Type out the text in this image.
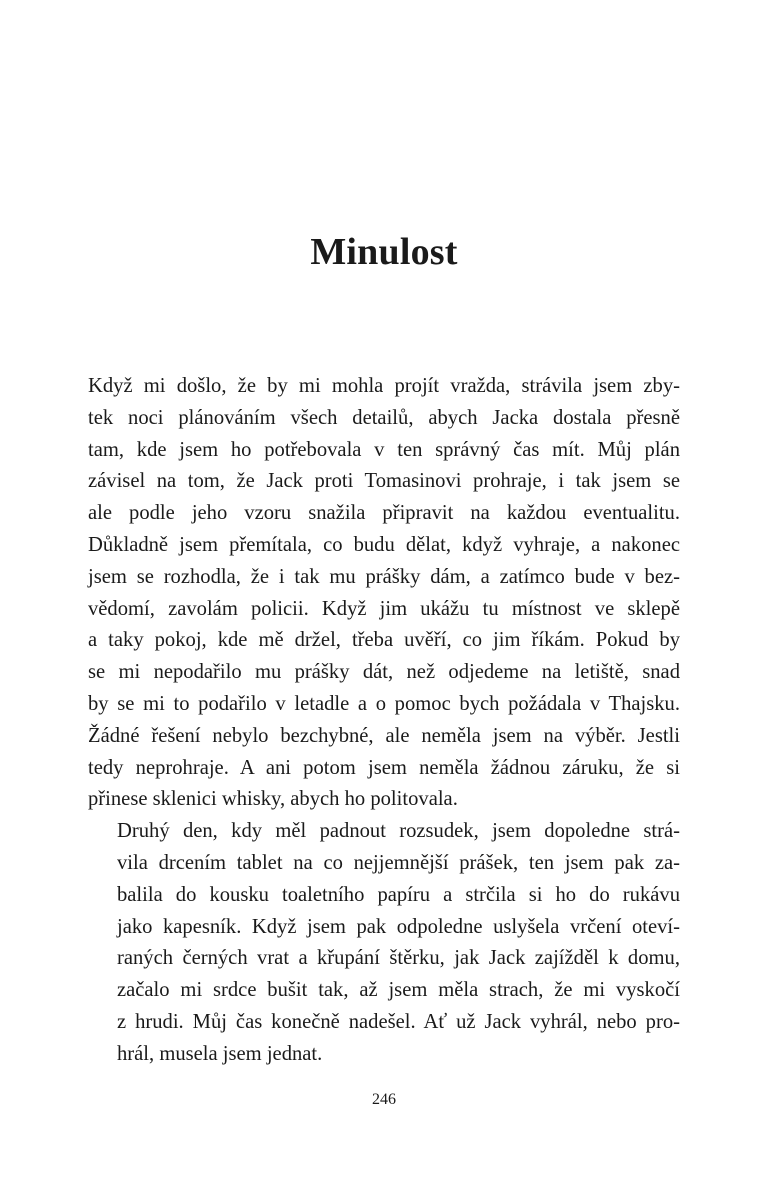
Minulost

Když mi došlo, že by mi mohla projít vražda, strávila jsem zby-
tek noci plánováním všech detailů, abych Jacka dostala přesně
tam, kde jsem ho potřebovala v ten správný čas mít. Můj plán
závisel na tom, že Jack proti Tomasinovi prohraje, i tak jsem se
ale podle jeho vzoru snažila připravit na každou eventualitu.
Důkladně jsem přemítala, co budu dělat, když vyhraje, a nakonec
jsem se rozhodla, že i tak mu prášky dám, a zatímco bude v bez-
vědomí, zavolám policii. Když jim ukážu tu místnost ve sklepě
a taky pokoj, kde mě držel, třeba uvěří, co jim říkám. Pokud by
se mi nepodařilo mu prášky dát, než odjedeme na letiště, snad
by se mi to podařilo v letadle a o pomoc bych požádala v Thajsku.
Žádné řešení nebylo bezchybné, ale neměla jsem na výběr. Jestli
tedy neprohraje. A ani potom jsem neměla žádnou záruku, že si
přinese sklenici whisky, abych ho politovala.

Druhý den, kdy měl padnout rozsudek, jsem dopoledne strá-
vila drcením tablet na co nejjemnější prášek, ten jsem pak za-
balila do kousku toaletního papíru a strčila si ho do rukávu
jako kapesník. Když jsem pak odpoledne uslyšela vrčení oteví-
raných černých vrat a křupání štěrku, jak Jack zajížděl k domu,
začalo mi srdce bušit tak, až jsem měla strach, že mi vyskočí
z hrudi. Můj čas konečně nadešel. Ať už Jack vyhrál, nebo pro-
hrál, musela jsem jednat.

246
